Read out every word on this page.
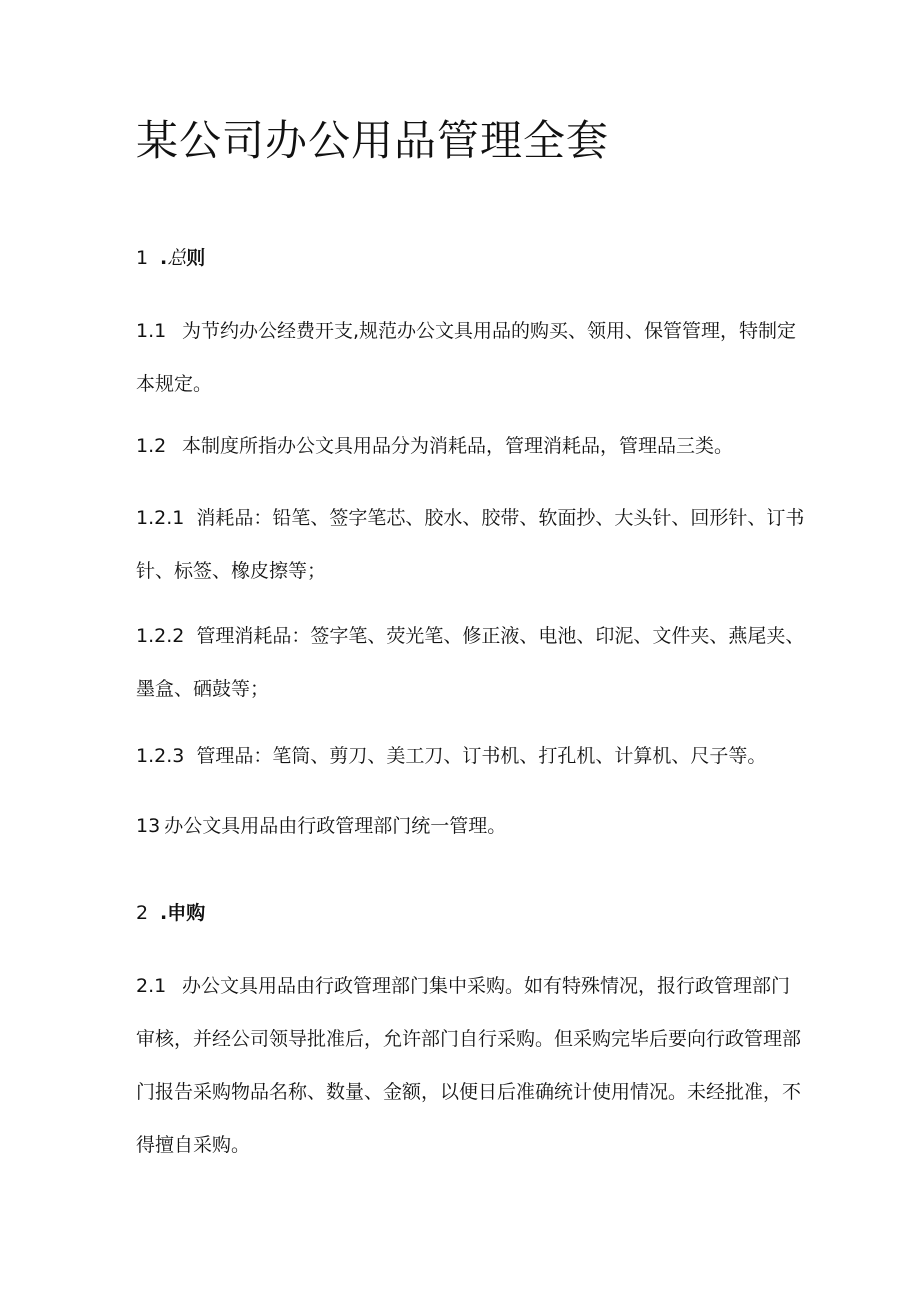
某公司办公用品管理全套
1 .总则

1.1 为节约办公经费开支,规范办公文具用品的购买、领用、保管管理，特制定本规定。

1.2 本制度所指办公文具用品分为消耗品，管理消耗品，管理品三类。

1.2.1 消耗品：铅笔、签字笔芯、胶水、胶带、软面抄、大头针、回形针、订书针、标签、橡皮擦等；

1.2.2 管理消耗品：签字笔、荧光笔、修正液、电池、印泥、文件夹、燕尾夹、墨盒、硒鼓等；

1.2.3 管理品：笔筒、剪刀、美工刀、订书机、打孔机、计算机、尺子等。

13 办公文具用品由行政管理部门统一管理。

2 .申购

2.1 办公文具用品由行政管理部门集中采购。如有特殊情况，报行政管理部门审核，并经公司领导批准后，允许部门自行采购。但采购完毕后要向行政管理部门报告采购物品名称、数量、金额，以便日后准确统计使用情况。未经批准，不得擅自采购。
